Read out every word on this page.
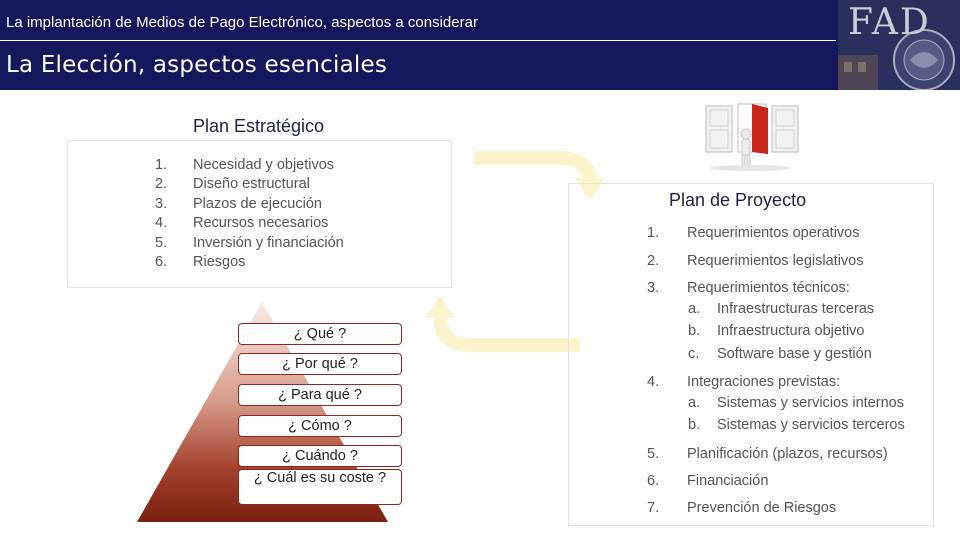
La implantación de Medios de Pago Electrónico, aspectos a considerar
La Elección, aspectos esenciales
FAD
Plan Estratégico
1.	Necesidad y objetivos
2.	Diseño estructural
3.	Plazos de ejecución
4.	Recursos necesarios
5.	Inversión y financiación
6.	Riesgos
¿ Qué ?
¿ Por qué ?
¿ Para qué ?
¿ Cómo ?
¿ Cuándo ?
¿ Cuál es su coste ?
Plan de Proyecto
1. Requerimientos operativos
2. Requerimientos legislativos
3. Requerimientos técnicos:
a. Infraestructuras terceras
b. Infraestructura objetivo
c. Software base y gestión
4. Integraciones previstas:
a. Sistemas y servicios internos
b. Sistemas y servicios terceros
5. Planificación (plazos, recursos)
6. Financiación
7. Prevención de Riesgos
